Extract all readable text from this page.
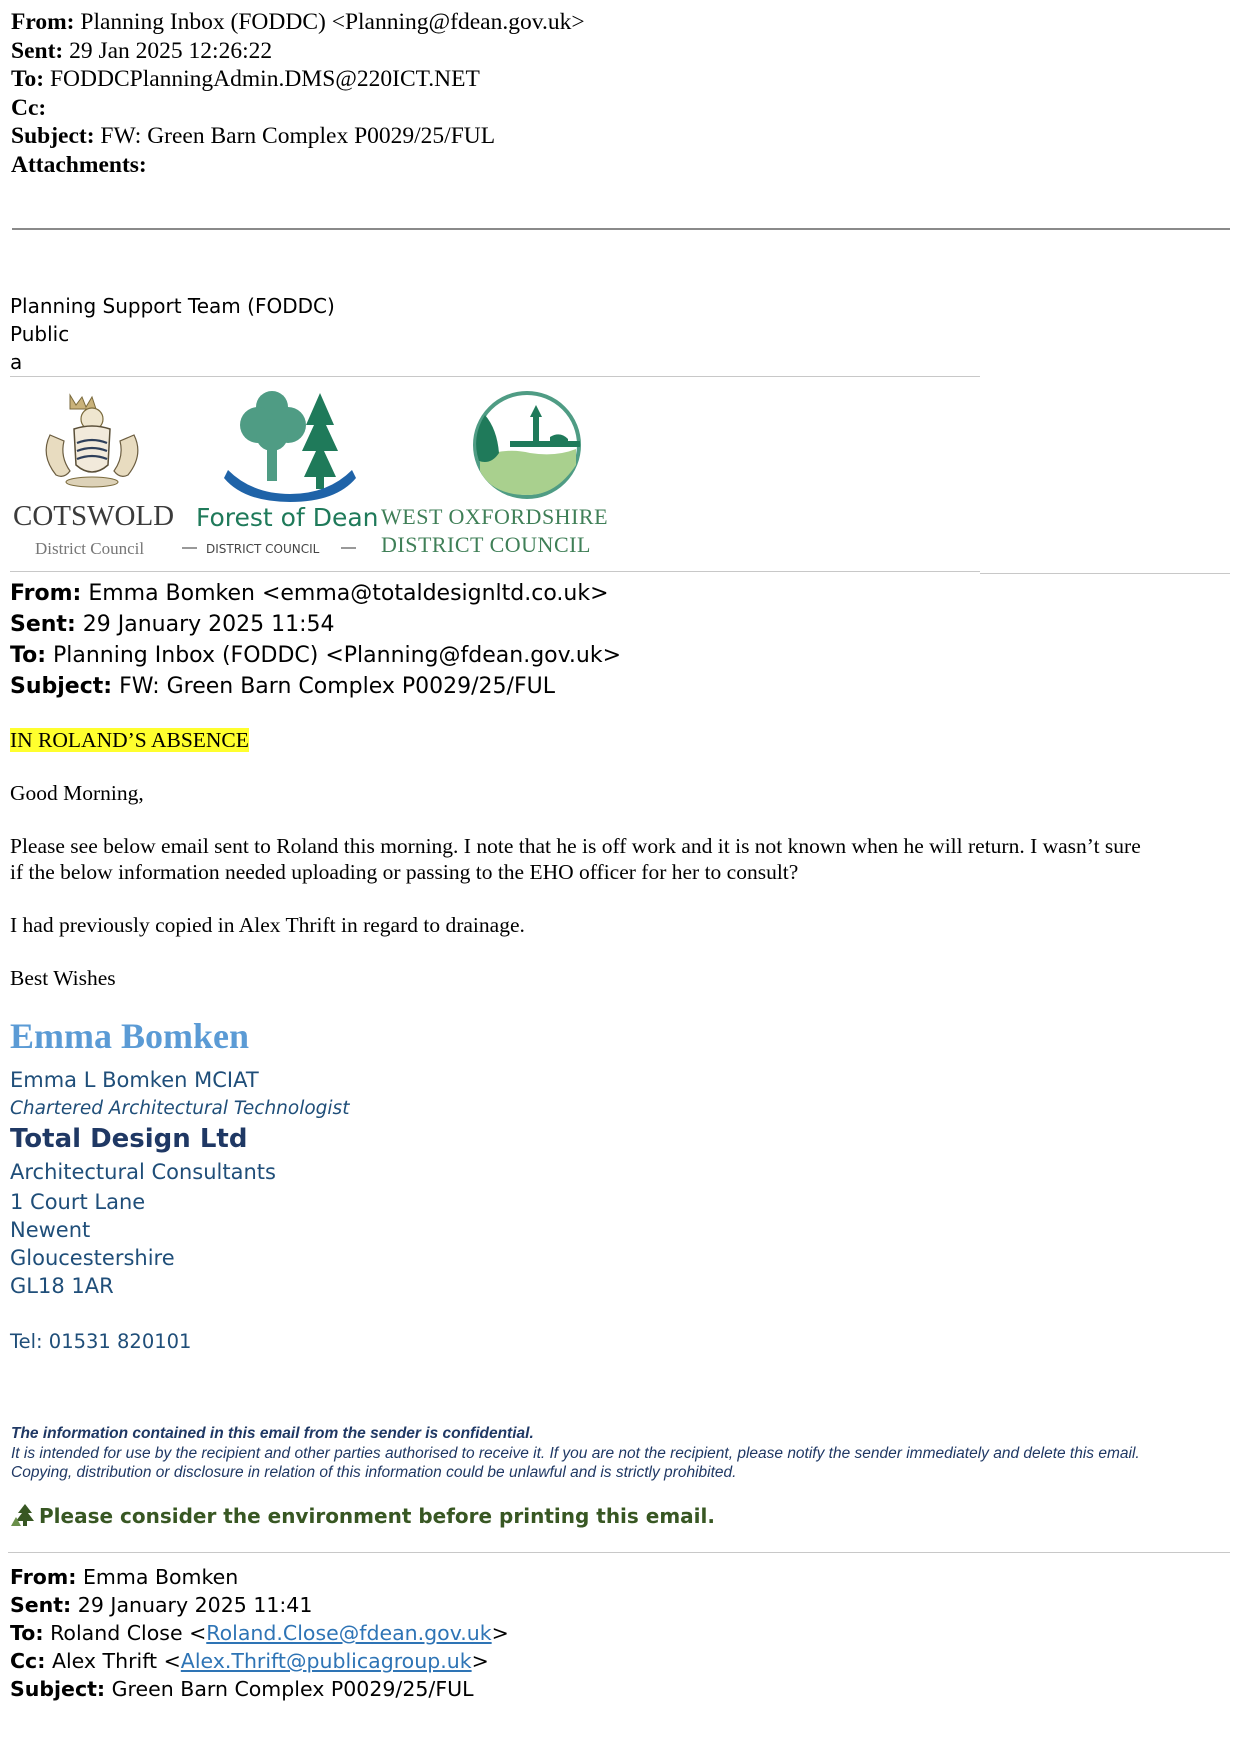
From: Planning Inbox (FODDC) <Planning@fdean.gov.uk>
Sent: 29 Jan 2025 12:26:22
To: FODDCPlanningAdmin.DMS@220ICT.NET
Cc:
Subject: FW: Green Barn Complex P0029/25/FUL
Attachments:
Planning Support Team (FODDC)
Public
a
COTSWOLD
District Council
Forest of Dean
DISTRICT COUNCIL
WEST OXFORDSHIRE
DISTRICT COUNCIL
From: Emma Bomken <emma@totaldesignltd.co.uk>
Sent: 29 January 2025 11:54
To: Planning Inbox (FODDC) <Planning@fdean.gov.uk>
Subject: FW: Green Barn Complex P0029/25/FUL
IN ROLAND’S ABSENCE
Good Morning,
Please see below email sent to Roland this morning. I note that he is off work and it is not known when he will return. I wasn’t sure
if the below information needed uploading or passing to the EHO officer for her to consult?
I had previously copied in Alex Thrift in regard to drainage.
Best Wishes
Emma Bomken
Emma L Bomken MCIAT
Chartered Architectural Technologist
Total Design Ltd
Architectural Consultants
1 Court Lane
Newent
Gloucestershire
GL18 1AR
Tel: 01531 820101
The information contained in this email from the sender is confidential.
It is intended for use by the recipient and other parties authorised to receive it. If you are not the recipient, please notify the sender immediately and delete this email.
Copying, distribution or disclosure in relation of this information could be unlawful and is strictly prohibited.
Please consider the environment before printing this email.
From: Emma Bomken
Sent: 29 January 2025 11:41
To: Roland Close <Roland.Close@fdean.gov.uk>
Cc: Alex Thrift <Alex.Thrift@publicagroup.uk>
Subject: Green Barn Complex P0029/25/FUL
